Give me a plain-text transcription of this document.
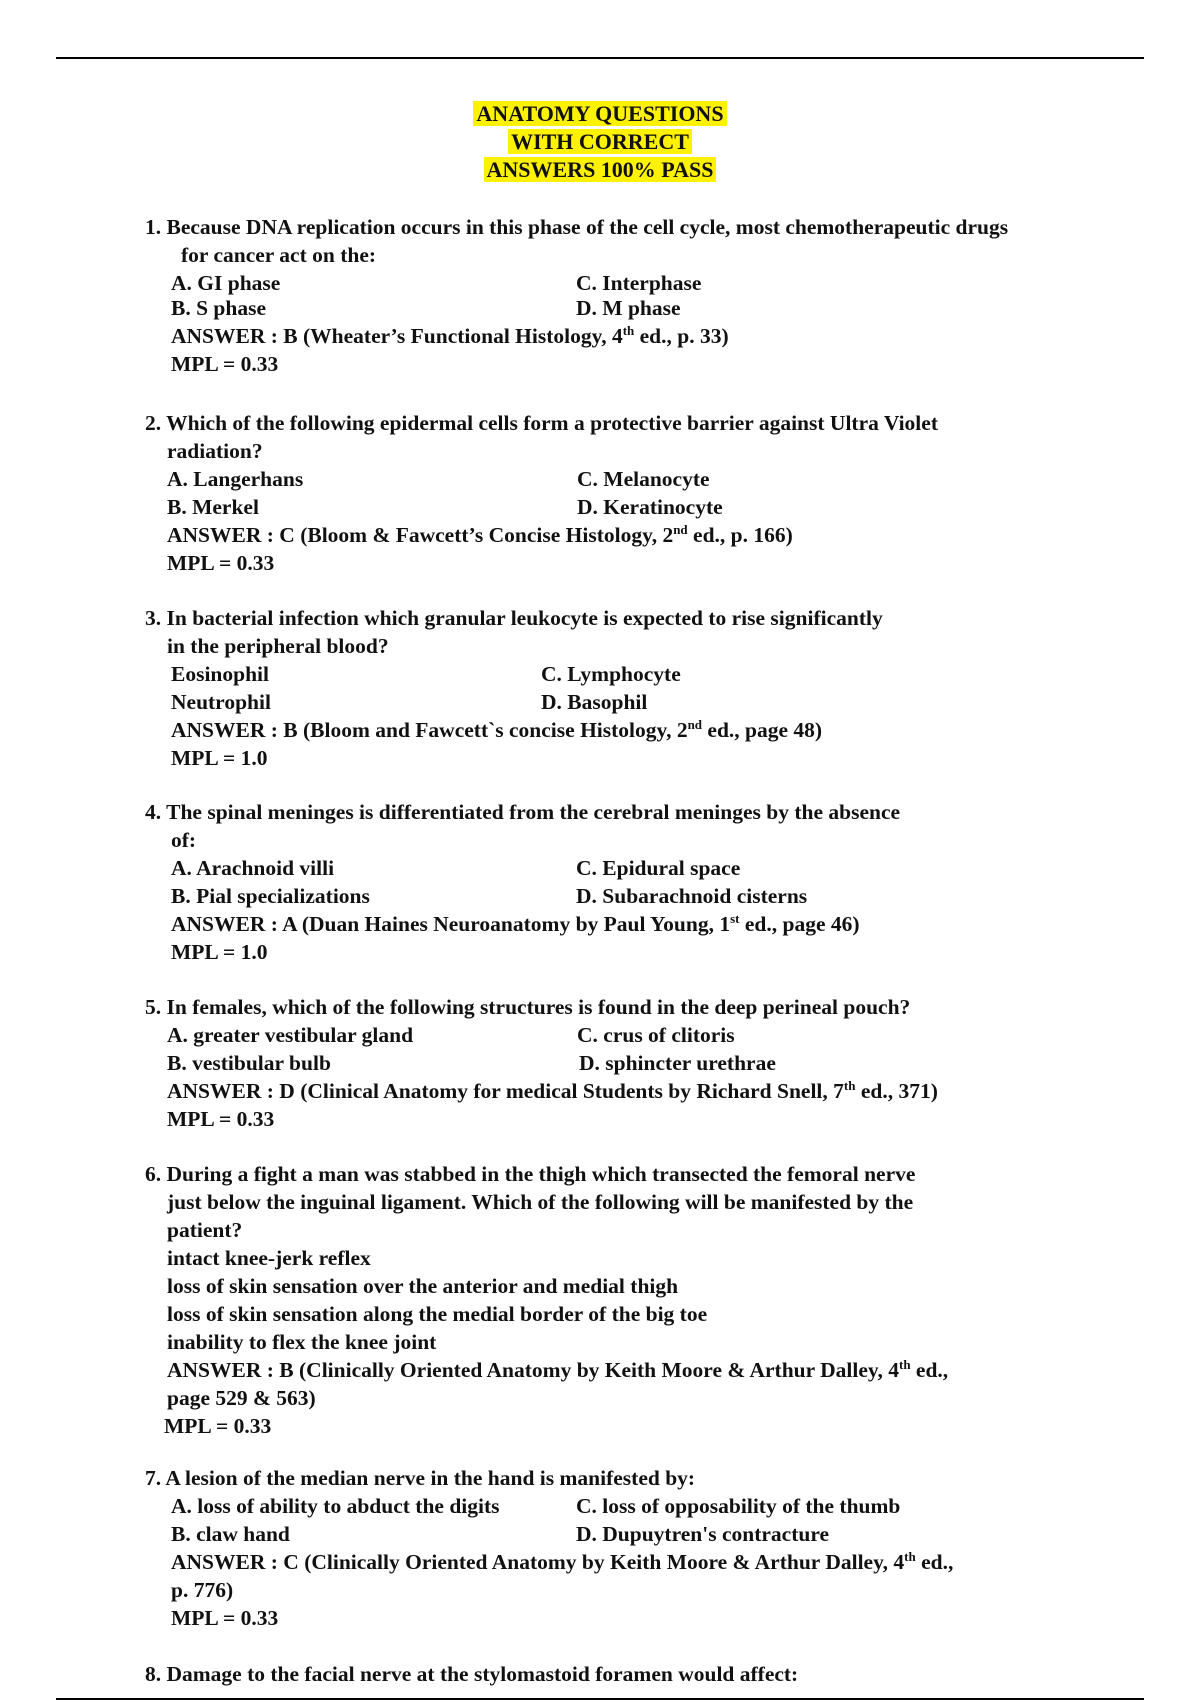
ANATOMY QUESTIONS
WITH CORRECT
ANSWERS 100% PASS
1. Because DNA replication occurs in this phase of the cell cycle, most chemotherapeutic drugs
for cancer act on the:
A. GI phase	C. Interphase
B. S phase	D. M phase
ANSWER : B (Wheater’s Functional Histology, 4th ed., p. 33)
MPL = 0.33
2. Which of the following epidermal cells form a protective barrier against Ultra Violet
radiation?
A. Langerhans	C. Melanocyte
B. Merkel	D. Keratinocyte
ANSWER : C (Bloom & Fawcett’s Concise Histology, 2nd ed., p. 166)
MPL = 0.33
3. In bacterial infection which granular leukocyte is expected to rise significantly
in the peripheral blood?
Eosinophil	C. Lymphocyte
Neutrophil	D. Basophil
ANSWER : B (Bloom and Fawcett`s concise Histology, 2nd ed., page 48)
MPL = 1.0
4. The spinal meninges is differentiated from the cerebral meninges by the absence
of:
A. Arachnoid villi	C. Epidural space
B. Pial specializations	D. Subarachnoid cisterns
ANSWER : A (Duan Haines Neuroanatomy by Paul Young, 1st ed., page 46)
MPL = 1.0
5. In females, which of the following structures is found in the deep perineal pouch?
A. greater vestibular gland	C. crus of clitoris
B. vestibular bulb	D. sphincter urethrae
ANSWER : D (Clinical Anatomy for medical Students by Richard Snell, 7th ed., 371)
MPL = 0.33
6. During a fight a man was stabbed in the thigh which transected the femoral nerve
just below the inguinal ligament. Which of the following will be manifested by the
patient?
intact knee-jerk reflex
loss of skin sensation over the anterior and medial thigh
loss of skin sensation along the medial border of the big toe
inability to flex the knee joint
ANSWER : B (Clinically Oriented Anatomy by Keith Moore & Arthur Dalley, 4th ed.,
page 529 & 563)
MPL = 0.33
7. A lesion of the median nerve in the hand is manifested by:
A. loss of ability to abduct the digits	C. loss of opposability of the thumb
B. claw hand	D. Dupuytren's contracture
ANSWER : C (Clinically Oriented Anatomy by Keith Moore & Arthur Dalley, 4th ed.,
p. 776)
MPL = 0.33
8. Damage to the facial nerve at the stylomastoid foramen would affect:
